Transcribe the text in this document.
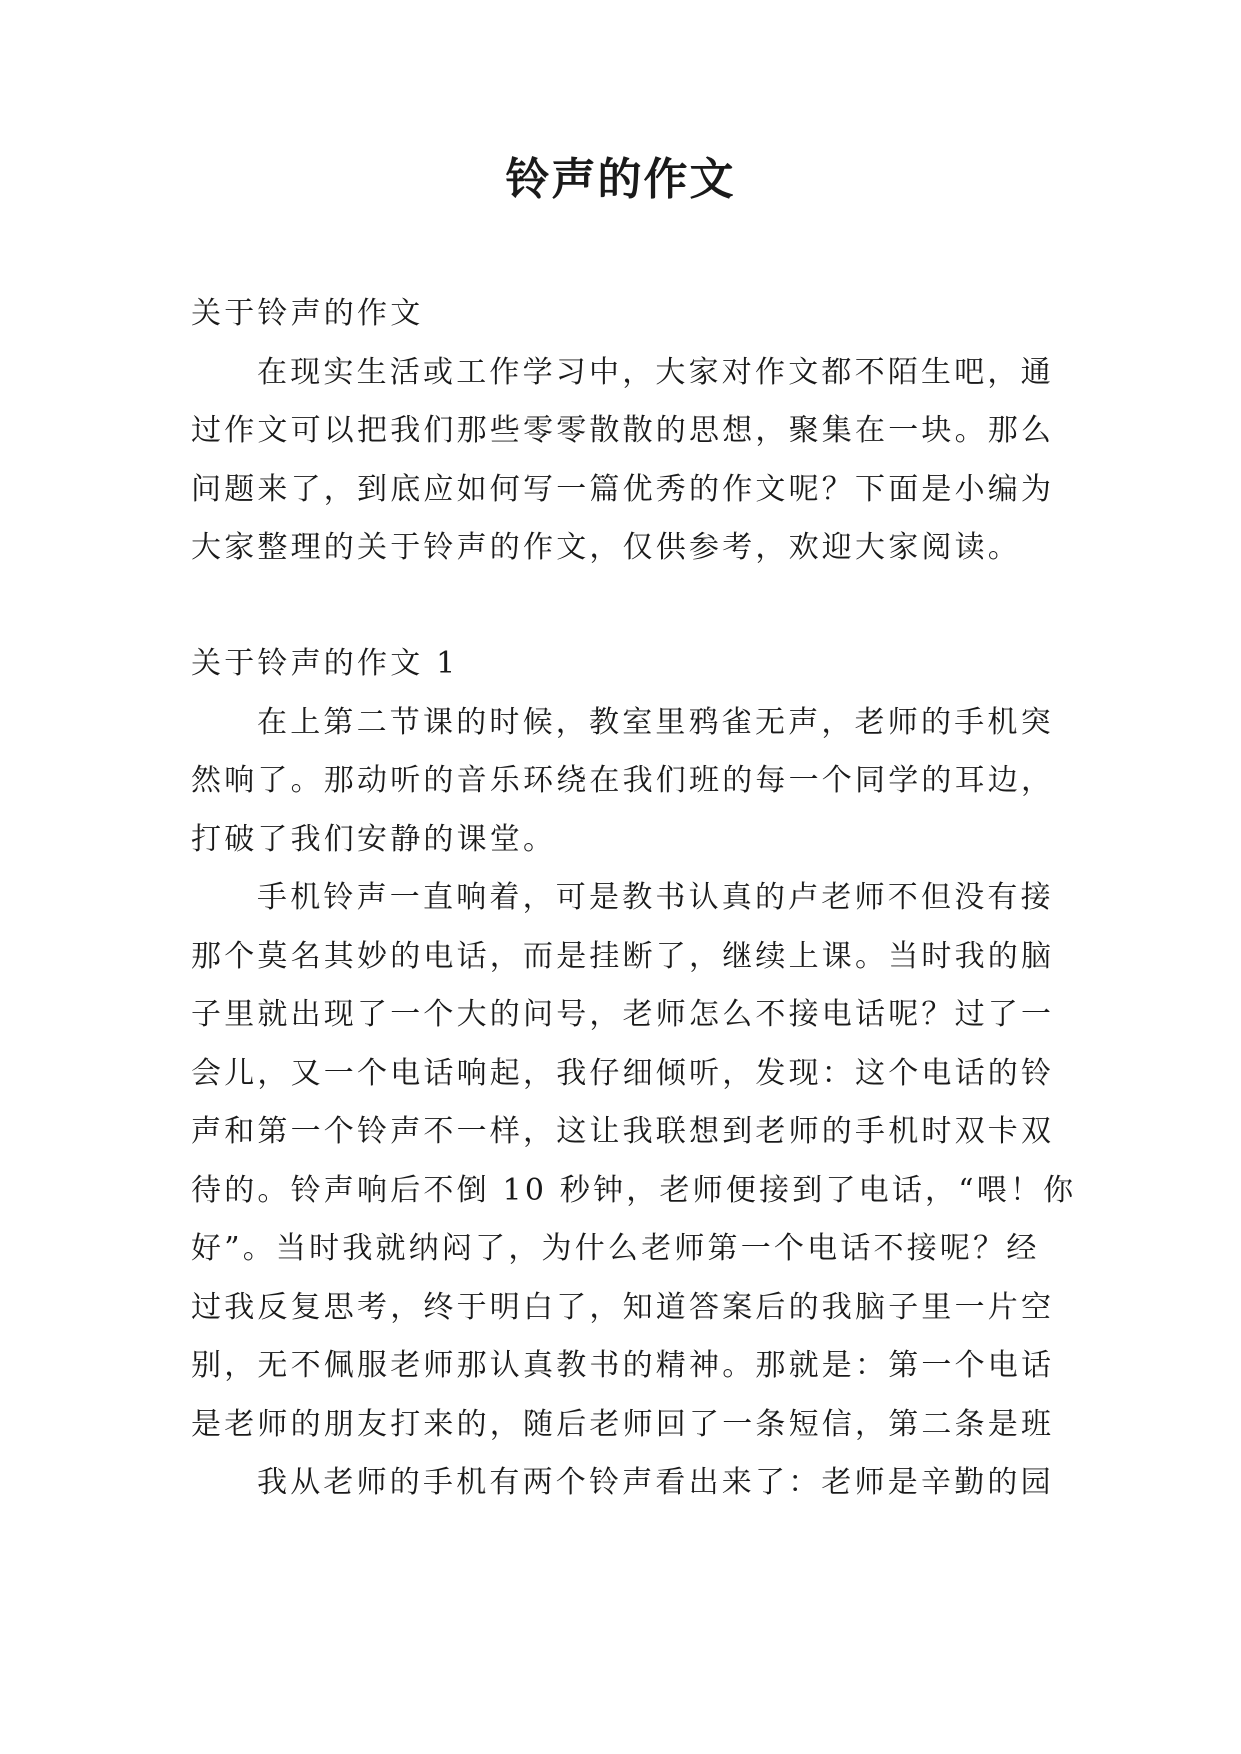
铃声的作文
关于铃声的作文
在现实生活或工作学习中，大家对作文都不陌生吧，通
过作文可以把我们那些零零散散的思想，聚集在一块。那么
问题来了，到底应如何写一篇优秀的作文呢？下面是小编为
大家整理的关于铃声的作文，仅供参考，欢迎大家阅读。
关于铃声的作文 1
在上第二节课的时候，教室里鸦雀无声，老师的手机突
然响了。那动听的音乐环绕在我们班的每一个同学的耳边，
打破了我们安静的课堂。
手机铃声一直响着，可是教书认真的卢老师不但没有接
那个莫名其妙的电话，而是挂断了，继续上课。当时我的脑
子里就出现了一个大的问号，老师怎么不接电话呢？过了一
会儿，又一个电话响起，我仔细倾听，发现：这个电话的铃
声和第一个铃声不一样，这让我联想到老师的手机时双卡双
待的。铃声响后不倒 10 秒钟，老师便接到了电话，“喂！你
好”。当时我就纳闷了，为什么老师第一个电话不接呢？经
过我反复思考，终于明白了，知道答案后的我脑子里一片空
别，无不佩服老师那认真教书的精神。那就是：第一个电话
是老师的朋友打来的，随后老师回了一条短信，第二条是班
我从老师的手机有两个铃声看出来了：老师是辛勤的园
